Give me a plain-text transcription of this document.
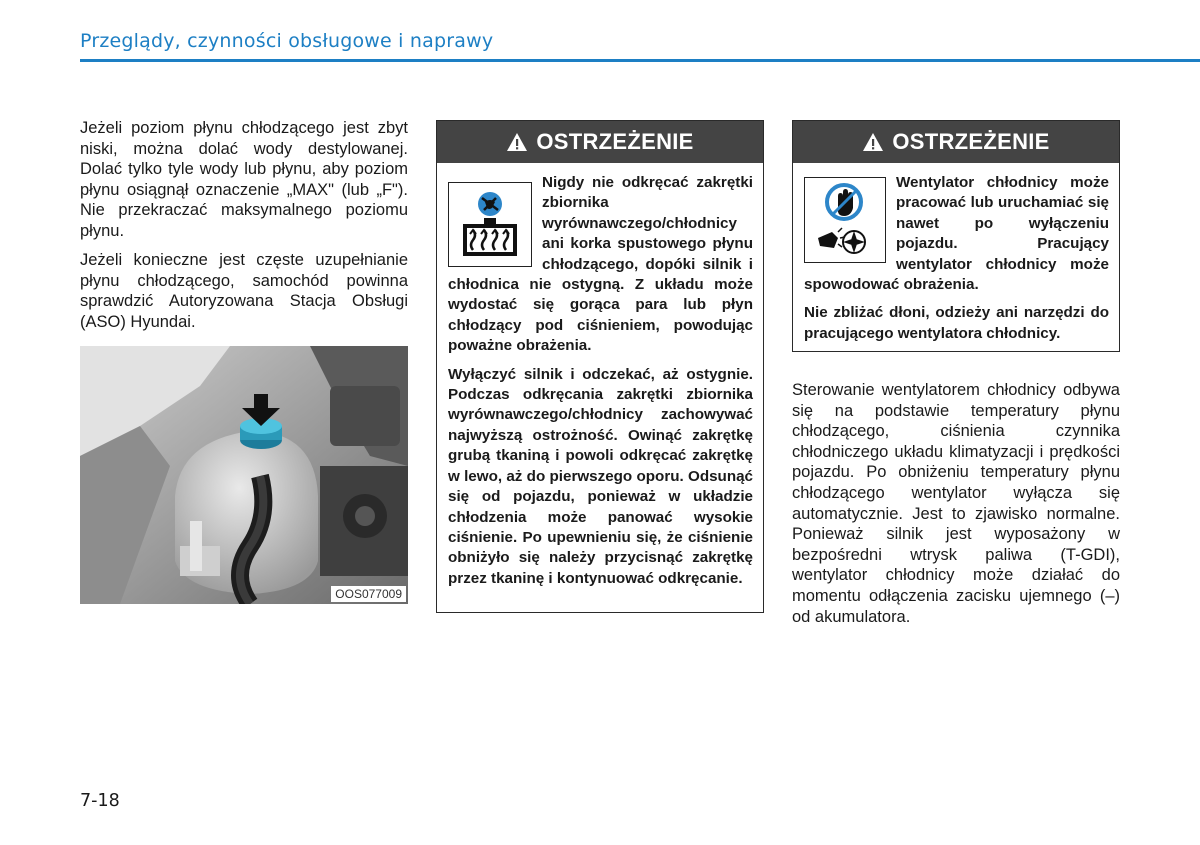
Przeglądy, czynności obsługowe i naprawy

Jeżeli poziom płynu chłodzącego jest zbyt niski, można dolać wody destylowanej. Dolać tylko tyle wody lub płynu, aby poziom płynu osiągnął oznaczenie „MAX" (lub „F"). Nie przekraczać maksymalnego poziomu płynu.

Jeżeli konieczne jest częste uzupełnianie płynu chłodzącego, samochód powinna sprawdzić Autoryzowana Stacja Obsługi (ASO) Hyundai.

OOS077009
OSTRZEŻENIE

Nigdy nie odkręcać zakrętki zbiornika wyrównawczego/chłodnicy ani korka spustowego płynu chłodzącego, dopóki silnik i chłodnica nie ostygną. Z układu może wydostać się gorąca para lub płyn chłodzący pod ciśnieniem, powodując poważne obrażenia.

Wyłączyć silnik i odczekać, aż ostygnie. Podczas odkręcania zakrętki zbiornika wyrównawczego/chłodnicy zachowywać najwyższą ostrożność. Owinąć zakrętkę grubą tkaniną i powoli odkręcać zakrętkę w lewo, aż do pierwszego oporu. Odsunąć się od pojazdu, ponieważ w układzie chłodzenia może panować wysokie ciśnienie. Po upewnieniu się, że ciśnienie obniżyło się należy przycisnąć zakrętkę przez tkaninę i kontynuować odkręcanie.

OSTRZEŻENIE

Wentylator chłodnicy może pracować lub uruchamiać się nawet po wyłączeniu pojazdu. Pracujący wentylator chłodnicy może spowodować obrażenia.

Nie zbliżać dłoni, odzieży ani narzędzi do pracującego wentylatora chłodnicy.

Sterowanie wentylatorem chłodnicy odbywa się na podstawie temperatury płynu chłodzącego, ciśnienia czynnika chłodniczego układu klimatyzacji i prędkości pojazdu. Po obniżeniu temperatury płynu chłodzącego wentylator wyłącza się automatycznie. Jest to zjawisko normalne. Ponieważ silnik jest wyposażony w bezpośredni wtrysk paliwa (T-GDI), wentylator chłodnicy może działać do momentu odłączenia zacisku ujemnego (–) od akumulatora.

7-18
